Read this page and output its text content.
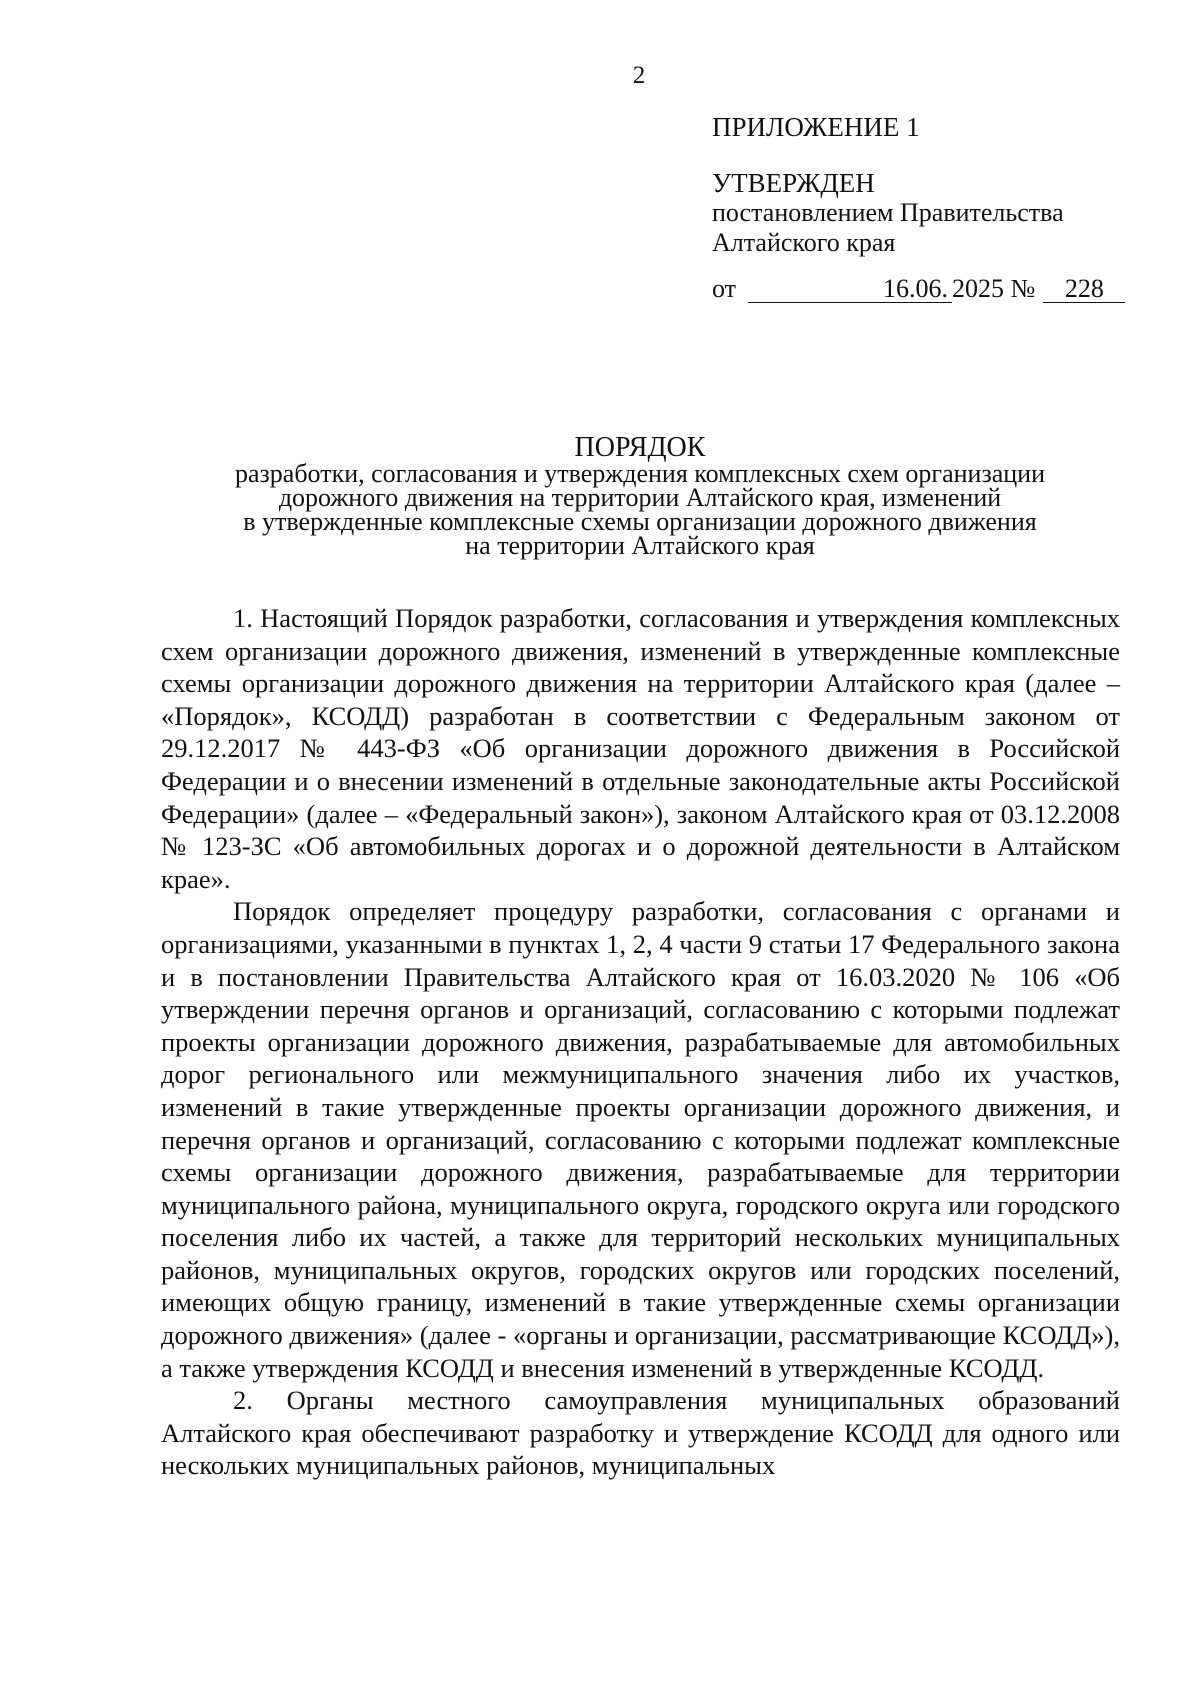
2
ПРИЛОЖЕНИЕ 1
УТВЕРЖДЕН
постановлением Правительства
Алтайского края
от	16.06. 2025 № 228
ПОРЯДОК
разработки, согласования и утверждения комплексных схем организации
дорожного движения на территории Алтайского края, изменений
в утвержденные комплексные схемы организации дорожного движения
на территории Алтайского края

1. Настоящий Порядок разработки, согласования и утверждения комплексных схем организации дорожного движения, изменений в утвержденные комплексные схемы организации дорожного движения на территории Алтайского края (далее – «Порядок», КСОДД) разработан в соответствии с Федеральным законом от 29.12.2017 № 443-ФЗ «Об организации дорожного движения в Российской Федерации и о внесении изменений в отдельные законодательные акты Российской Федерации» (далее – «Федеральный закон»), законом Алтайского края от 03.12.2008 № 123-ЗС «Об автомобильных дорогах и о дорожной деятельности в Алтайском крае».

Порядок определяет процедуру разработки, согласования с органами и организациями, указанными в пунктах 1, 2, 4 части 9 статьи 17 Федерального закона и в постановлении Правительства Алтайского края от 16.03.2020 № 106 «Об утверждении перечня органов и организаций, согласованию с которыми подлежат проекты организации дорожного движения, разрабатываемые для автомобильных дорог регионального или межмуниципального значения либо их участков, изменений в такие утвержденные проекты организации дорожного движения, и перечня органов и организаций, согласованию с которыми подлежат комплексные схемы организации дорожного движения, разрабатываемые для территории муниципального района, муниципального округа, городского округа или городского поселения либо их частей, а также для территорий нескольких муниципальных районов, муниципальных округов, городских округов или городских поселений, имеющих общую границу, изменений в такие утвержденные схемы организации дорожного движения» (далее - «органы и организации, рассматривающие КСОДД»), а также утверждения КСОДД и внесения изменений в утвержденные КСОДД.

2. Органы местного самоуправления муниципальных образований Алтайского края обеспечивают разработку и утверждение КСОДД для одного или нескольких муниципальных районов, муниципальных
